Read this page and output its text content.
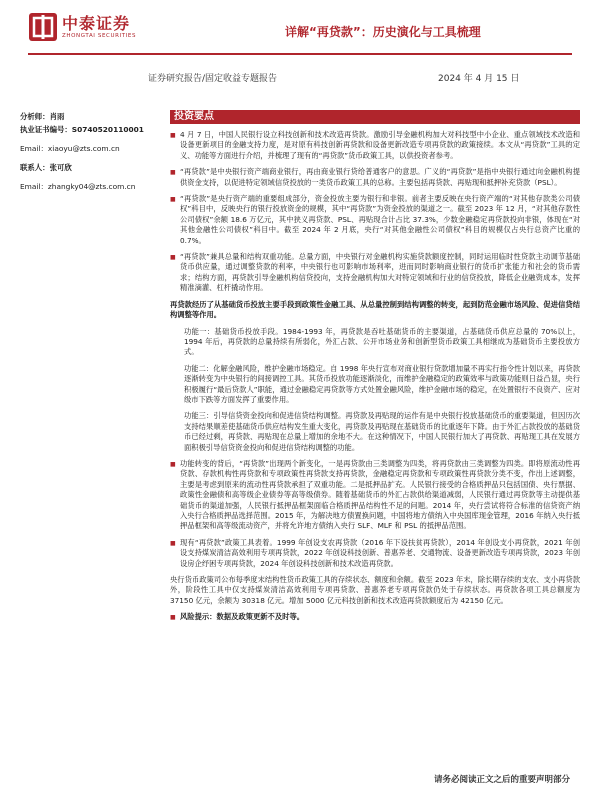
中泰证券
ZHONGTAI SECURITIES	详解“再贷款”：历史演化与工具梳理
证券研究报告/固定收益专题报告	2024 年 4 月 15 日
分析师： 肖雨
执业证书编号： S0740520110001
Email： xiaoyu@zts.com.cn
联系人： 张可欣
Email： zhangky04@zts.com.cn
投资要点
■ 4 月 7 日，中国人民银行设立科技创新和技术改造再贷款。激励引导金融机构加大对科技型中小企业、重点领域技术改造和设备更新项目的金融支持力度，是对原有科技创新再贷款和设备更新改造专项再贷款的政策接续。本文从“再贷款”工具的定义、功能等方面进行介绍，并梳理了现有的“再贷款”货币政策工具，以供投资者参考。
■ “再贷款”是中央银行资产端商业银行，再由商业银行贷给普通客户的意思。广义的“再贷款”是指中央银行通过向金融机构提供资金支持，以促进特定领域信贷投放的一类货币政策工具的总称。主要包括再贷款、再贴现和抵押补充贷款（PSL）。
■ “再贷款”是央行资产端的重要组成部分，资金投放主要为银行和非银。前者主要反映在央行资产端的“对其他存款类公司债权”科目中，反映央行的银行投放资金的规模，其中“再贷款”为资金投放的渠道之一。截至 2023 年 12 月，“对其他存款性公司债权”余额 18.6 万亿元，其中狭义再贷款、PSL、再贴现合计占比 37.3%，少数金融稳定再贷款投向非银，体现在“对其他金融性公司债权”科目中。截至 2024 年 2 月底，央行“对其他金融性公司债权”科目的规模仅占央行总资产比重的 0.7%。
■ “再贷款”兼具总量和结构双重功能。总量方面，中央银行对金融机构实施贷款额度控制，同时运用临时性贷款主动调节基础货币供应量，通过调整贷款的利率，中央银行也可影响市场利率，进而同时影响商业银行的货币扩张能力和社会的货币需求；结构方面，再贷款引导金融机构信贷投向，支持金融机构加大对特定领域和行业的信贷投放，降低企业融资成本，发挥精准滴灌、杠杆撬动作用。
再贷款经历了从基础货币投放主要手段到政策性金融工具、从总量控制到结构调整的转变，起到防范金融市场风险、促进信贷结构调整等作用。
功能一：基础货币投放手段。1984-1993 年，再贷款是吞吐基础货币的主要渠道，占基础货币供应总量的 70%以上，1994 年后，再贷款的总量持续有所弱化，外汇占款、公开市场业务和创新型货币政策工具相继成为基础货币主要投放方式。
功能二：化解金融风险，维护金融市场稳定。自 1998 年央行宣布对商业银行贷款增加量不再实行指令性计划以来，再贷款逐渐转变为中央银行的间接调控工具。其货币投放功能逐渐淡化，而维护金融稳定的政策效率与政策功能则日益凸显，央行积极履行“最后贷款人”职能，通过金融稳定再贷款等方式处置金融风险，维护金融市场的稳定，在处置银行不良资产、应对级市下跌等方面发挥了重要作用。
功能三：引导信贷资金投向和促进信贷结构调整。再贷款及再贴现的运作有是中央银行投放基础货币的重要渠道，但因历次支持结果顺差使基础货币供应结构发生重大变化，再贷款及再贴现在基础货币的比重逐年下降。由于外汇占款投放的基础货币已经过剩，再贷款、再贴现在总量上增加的余地不大。在这种情况下，中国人民银行加大了再贷款、再贴现工具在发展方面积极引导信贷资金投向和促进信贷结构调整的功能。
■ 功能转变的背后，“再贷款”出现两个新变化，一是再贷款由三类调整为四类，将再贷款由三类调整为四类。即将原流动性再贷款、存款机构性再贷款和专项政策性再贷款支持再贷款，金融稳定再贷款和专项政策性再贷款分类不变，作出上述调整，主要是考虑到原来的流动性再贷款承担了双重功能。二是抵押品扩充。人民银行接受的合格质押品只包括国债、央行票据、政策性金融债和高等级企业债券等高等级债券。随着基础货币的外汇占款供给渠道减弱，人民银行通过再贷款等主动提供基础货币的渠道加强，人民银行抵押品框架面临合格质押品结构性不足的问题。2014 年，央行尝试将符合标准的信贷资产纳入央行合格质押品选择范围。2015 年，为解决地方债置换问题，中国将地方债纳入中央国库现金管理，2016 年纳入央行抵押品框架和高等级流动资产，并将允许地方债纳入央行 SLF、MLF 和 PSL 的抵押品范围。
■ 现有“再贷款”政策工具表着。1999 年创设支农再贷款（2016 年下设扶贫再贷款），2014 年创设支小再贷款，2021 年创设支持煤炭清洁高效利用专项再贷款，2022 年创设科技创新、普惠养老、交通物流、设备更新改造专项再贷款，2023 年创设房企纾困专项再贷款，2024 年创设科技创新和技术改造再贷款。
央行货币政策司公布每季度末结构性货币政策工具的存续状态、额度和余额。截至 2023 年末，除长期存续的支农、支小再贷款外，阶段性工具中仅支持煤炭清洁高效利用专项再贷款、普惠养老专项再贷款仍处于存续状态。再贷款各项工具总额度为 37150 亿元，余额为 30318 亿元。增加 5000 亿元科技创新和技术改造再贷款额度后为 42150 亿元。
■ 风险提示：数据及政策更新不及时等。
请务必阅读正文之后的重要声明部分
